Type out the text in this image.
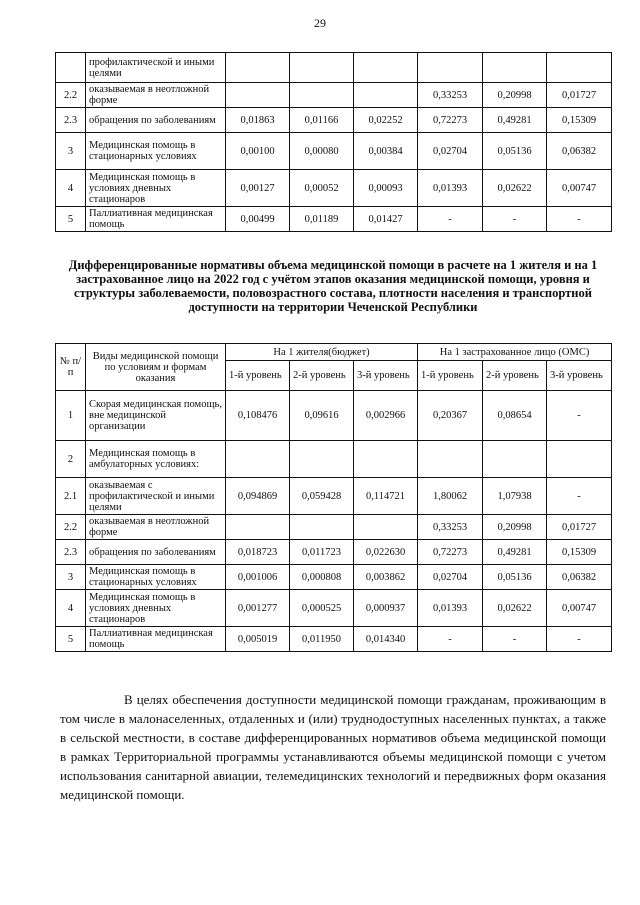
29
	профилактической и иными целями						
2.2	оказываемая в неотложной форме				0,33253	0,20998	0,01727
2.3	обращения по заболеваниям	0,01863	0,01166	0,02252	0,72273	0,49281	0,15309
3	Медицинская помощь в стационарных условиях	0,00100	0,00080	0,00384	0,02704	0,05136	0,06382
4	Медицинская помощь в условиях дневных стационаров	0,00127	0,00052	0,00093	0,01393	0,02622	0,00747
5	Паллиативная медицинская помощь	0,00499	0,01189	0,01427	-	-	-
Дифференцированные нормативы объема медицинской помощи в расчете на 1 жителя и на 1 застрахованное лицо на 2022 год с учётом этапов оказания медицинской помощи, уровня и структуры заболеваемости, половозрастного состава, плотности населения и транспортной доступности на территории Чеченской Республики
№ п/п	Виды медицинской помощи по условиям и формам оказания	На 1 жителя(бюджет)			На 1 застрахованное лицо (ОМС)		
		1-й уровень	2-й уровень	3-й уровень	1-й уровень	2-й уровень	3-й уровень
1	Скорая медицинская помощь, вне медицинской организации	0,108476	0,09616	0,002966	0,20367	0,08654	-
2	Медицинская помощь в амбулаторных условиях:						
2.1	оказываемая с профилактической и иными целями	0,094869	0,059428	0,114721	1,80062	1,07938	-
2.2	оказываемая в неотложной форме				0,33253	0,20998	0,01727
2.3	обращения по заболеваниям	0,018723	0,011723	0,022630	0,72273	0,49281	0,15309
3	Медицинская помощь в стационарных условиях	0,001006	0,000808	0,003862	0,02704	0,05136	0,06382
4	Медицинская помощь в условиях дневных стационаров	0,001277	0,000525	0,000937	0,01393	0,02622	0,00747
5	Паллиативная медицинская помощь	0,005019	0,011950	0,014340	-	-	-
В целях обеспечения доступности медицинской помощи гражданам, проживающим в том числе в малонаселенных, отдаленных и (или) труднодоступных населенных пунктах, а также в сельской местности, в составе дифференцированных нормативов объема медицинской помощи в рамках Территориальной программы устанавливаются объемы медицинской помощи с учетом использования санитарной авиации, телемедицинских технологий и передвижных форм оказания медицинской помощи.
